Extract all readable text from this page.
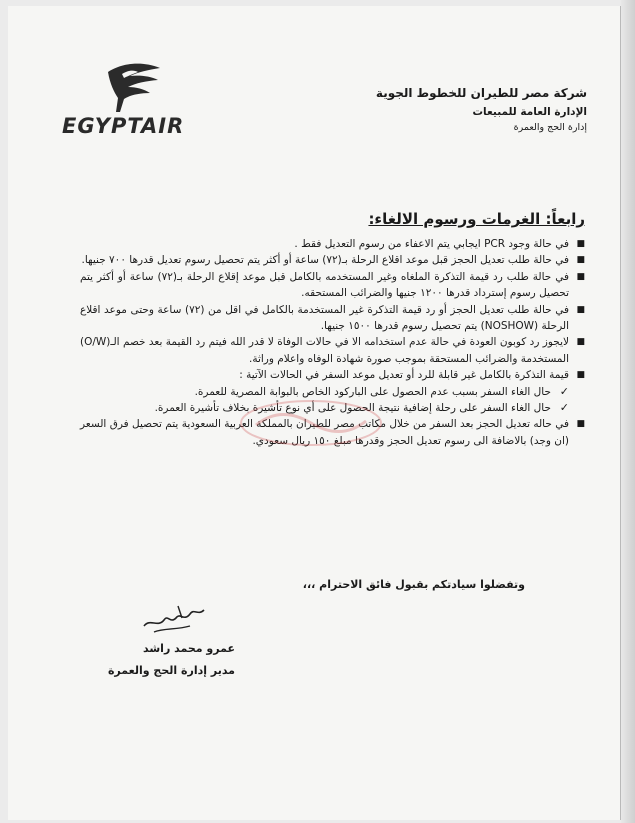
EGYPTAIR
شركة مصر للطيران للخطوط الجوية
الإدارة العامة للمبيعات
إدارة الحج والعمرة
رابعاً: الغرمات ورسوم الالغاء:
■
في حالة وجود PCR ايجابي يتم الاعفاء من رسوم التعديل فقط .
■
في حالة طلب تعديل الحجز قبل موعد اقلاع الرحلة بـ(٧٢) ساعة أو أكثر يتم تحصيل رسوم تعديل قدرها ٧٠٠ جنيها.
■
في حالة طلب رد قيمة التذكرة الملغاه وغير المستخدمه بالكامل قبل موعد إقلاع الرحلة بـ(٧٢) ساعة أو أكثر يتم تحصيل رسوم إسترداد قدرها ١٢٠٠ جنيها والضرائب المستحقه.
■
في حالة طلب تعديل الحجز أو رد قيمة التذكرة غير المستخدمة بالكامل في اقل من (٧٢) ساعة وحتى موعد اقلاع الرحلة (NOSHOW) يتم تحصيل رسوم قدرها ١٥٠٠ جنيها.
■
لايجوز رد كوبون العودة في حالة عدم استخدامه الا في حالات الوفاة لا قدر الله فيتم رد القيمة بعد خصم الـ(O/W) المستخدمة والضرائب المستحقة بموجب صورة شهادة الوفاه واعلام وراثة.
■
قيمة التذكرة بالكامل غير قابلة للرد أو تعديل موعد السفر في الحالات الآتية :
✓
حال الغاء السفر بسبب عدم الحصول على الباركود الخاص بالبوابة المصرية للعمرة.
✓
حال الغاء السفر على رحلة إضافية نتيجة الحصول على أي نوع تأشيرة بخلاف تأشيرة العمرة.
■
في حاله تعديل الحجز بعد السفر من خلال مكاتب مصر للطيران بالمملكة العربية السعودية يتم تحصيل فرق السعر (ان وجد) بالاضافة الى رسوم تعديل الحجز وقدرها مبلغ ١٥٠ ريال سعودي.
وتفضلوا سيادتكم بقبول فائق الاحترام ،،،
عمرو محمد راشد
مدير إدارة الحج والعمرة
